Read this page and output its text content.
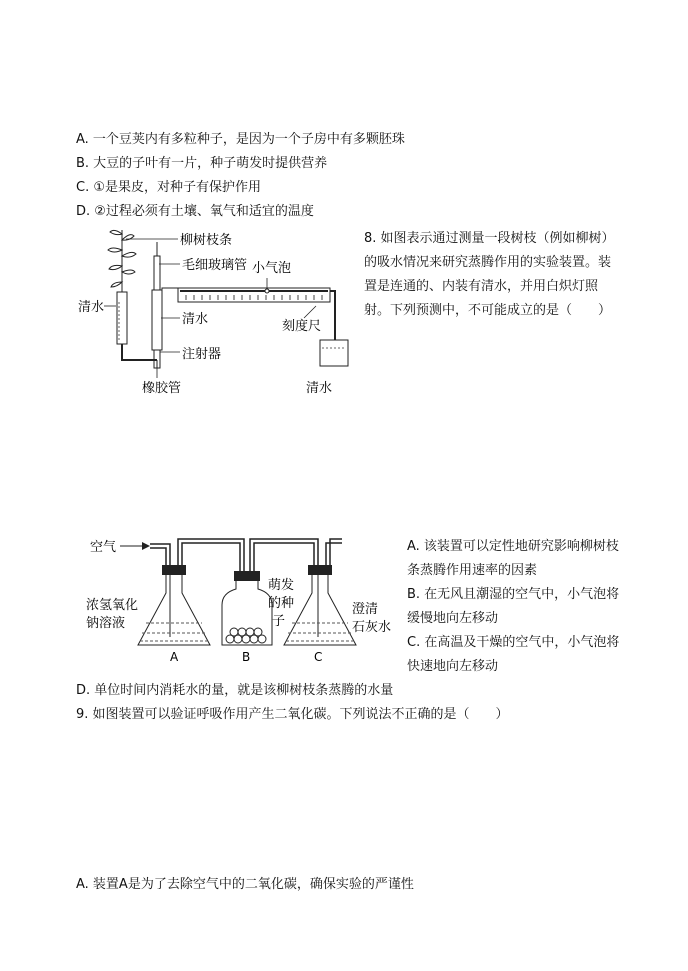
A. 一个豆荚内有多粒种子，是因为一个子房中有多颗胚珠
B. 大豆的子叶有一片，种子萌发时提供营养
C. ①是果皮，对种子有保护作用
D. ②过程必须有土壤、氧气和适宜的温度
柳树枝条
毛细玻璃管 小气泡
清水
清水	刻度尺
注射器
橡胶管	清水
8. 如图表示通过测量一段树枝（例如柳树）的吸水情况来研究蒸腾作用的实验装置。装置是连通的、内装有清水，并用白炽灯照射。下列预测中，不可能成立的是（　　）
空气
浓氢氧化
钠溶液
萌发
的种
子
澄清
石灰水
A	B	C
A. 该装置可以定性地研究影响柳树枝条蒸腾作用速率的因素
B. 在无风且潮湿的空气中，小气泡将缓慢地向左移动
C. 在高温及干燥的空气中，小气泡将快速地向左移动
D. 单位时间内消耗水的量，就是该柳树枝条蒸腾的水量
9. 如图装置可以验证呼吸作用产生二氧化碳。下列说法不正确的是（　　）
A. 装置A是为了去除空气中的二氧化碳，确保实验的严谨性
